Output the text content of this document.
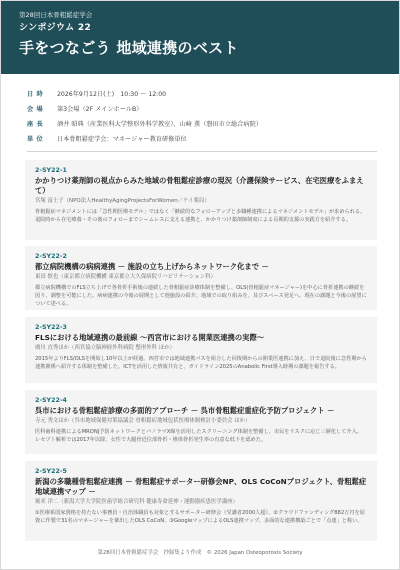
第28回日本骨粗鬆症学会
シンポジウム 22
手をつなごう 地域連携のベスト
日 時	2026年9月12日(土)　10:30 ～ 12:00
会 場	第3会場（2F メインホールB）
座 長	酒井 昭典（産業医科大学整形外科学教室）、山﨑 薫（磐田市立総合病院）
単 位	日本骨粗鬆症学会：マネージャー教育研修単位
2-SY22-1
かかりつけ薬剤師の視点からみた地域の骨粗鬆症診療の現況（介護保険サービス、在宅医療をふまえて）
宮塚 富士子（NPO法人HealthyAgingProjectsForWomen／ケイ薬局）
骨粗鬆症マネジメントには「急性期医療モデル」ではなく「継続的なフォローアップと多職種連携によるマネジメントモデル」が求められる。退院時から在宅療養・その後のフォローまでシームレスに支える連携と、かかりつけ薬剤師制度による長期的支援の実践方を紹介する。
2-SY22-2
都立病院機構の病病連携 － 施設の立ち上げからネットワーク化まで －
東田 慎也（東京都立病院機構 東京都立大久保病院リハビリテーション科）
都立病院機構でのFLS立ち上げで各骨折手術後の連続した骨粗鬆症診療体制を整備し、OLS(骨粗鬆症マネージャー)を中心に骨折連携の継続を図り、調整を可能にした。病病連携の今後の展開として他施設の紹介、地域での取り組みを、及びスペース発足へ。現在の課題と今後の展望について述べる。
2-SY22-3
FLSにおける地域連携の最前線 ～西宮市における開業医連携の実際～
廣川 直秀ほか（西宮協立脳神経外科病院 整形外科 ほか）
2015年よりFLS/OLSを開始し10年以上が経過。西宮市では地域連携パスを組合した回復期からの開業医連携に加え、日で退院後に急性期から連携関係へ紹介する体制を整備した。ICTを活用した情報共有と、ガイドライン2025のAnabolic First導入時期の課題を報告する。
2-SY22-4
呉市における骨粗鬆症診療の多面的アプローチ － 呉市骨粗鬆症重症化予防プロジェクト －
寺元 秀文ほか（呉市地域保健対策協議会 骨粗鬆症地域包括医療体制検討小委員会 ほか）
医科歯科連携によるMRONJ予防ネットワークとバノラマX線を活用したスクリーニング体制を整備し、市民をリスクに応じ三層化して介入。レセプト解析では2017年以降、女性で大腿骨近位部骨折・椎体骨折発生率の有意な低下を認めた。
2-SY22-5
新潟の多職種骨粗鬆症連携 － 骨粗鬆症サポーター研修会NP、OLS CoCoNプロジェクト、骨粗鬆症地域連携マップ －
堀米 洋二（新潟大学大学院医歯学総合研究科 健康寿命延伸・運動器疾患医学講座）
①医療系国家資格を持たない事務員・自治体職員も対象とするサポーター研修会（受講者2000人超）、②クラウドファンディング882万円を原資に作製で31名のマネージャーを輩出したOLS CoCoN、③GoogleマップによるOLS連携マップ、多面的な連携構築ごとで「点連」と称い。
第28回日本骨粗鬆症学会　抄録集より作成　© 2026 Japan Osteoporosis Society
